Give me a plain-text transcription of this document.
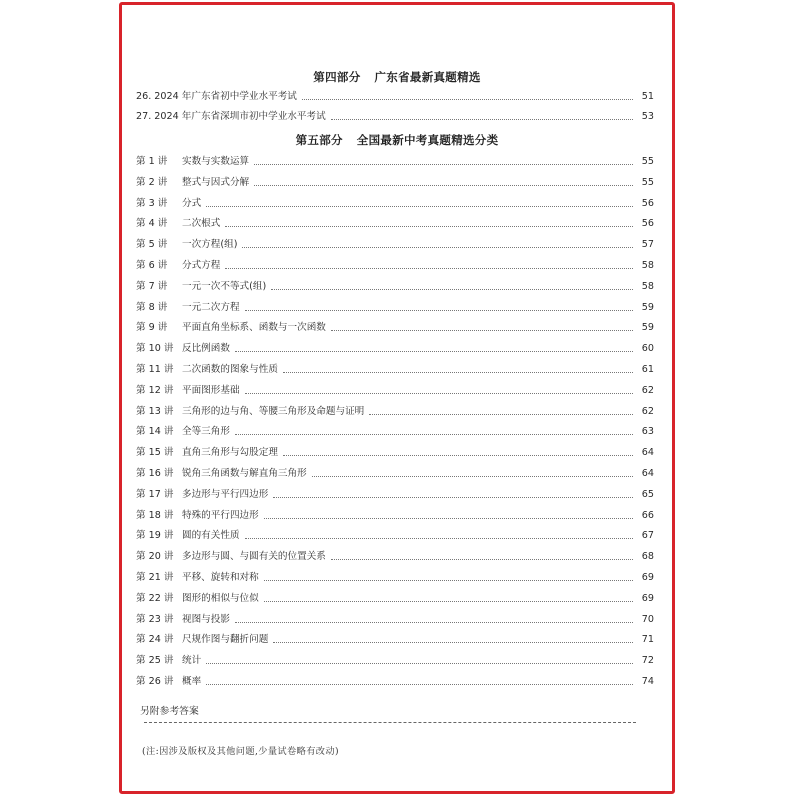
第四部分 广东省最新真题精选
26. 2024 年广东省初中学业水平考试	51
27. 2024 年广东省深圳市初中学业水平考试	53
第五部分 全国最新中考真题精选分类
第 1 讲	实数与实数运算	55
第 2 讲	整式与因式分解	55
第 3 讲	分式	56
第 4 讲	二次根式	56
第 5 讲	一次方程(组)	57
第 6 讲	分式方程	58
第 7 讲	一元一次不等式(组)	58
第 8 讲	一元二次方程	59
第 9 讲	平面直角坐标系、函数与一次函数	59
第 10 讲 反比例函数	60
第 11 讲 二次函数的图象与性质	61
第 12 讲 平面图形基础	62
第 13 讲 三角形的边与角、等腰三角形及命题与证明	62
第 14 讲 全等三角形	63
第 15 讲 直角三角形与勾股定理	64
第 16 讲 锐角三角函数与解直角三角形	64
第 17 讲 多边形与平行四边形	65
第 18 讲 特殊的平行四边形	66
第 19 讲 圆的有关性质	67
第 20 讲 多边形与圆、与圆有关的位置关系	68
第 21 讲 平移、旋转和对称	69
第 22 讲 图形的相似与位似	69
第 23 讲 视图与投影	70
第 24 讲 尺规作图与翻折问题	71
第 25 讲 统计	72
第 26 讲 概率	74
另附参考答案
(注:因涉及版权及其他问题,少量试卷略有改动)
